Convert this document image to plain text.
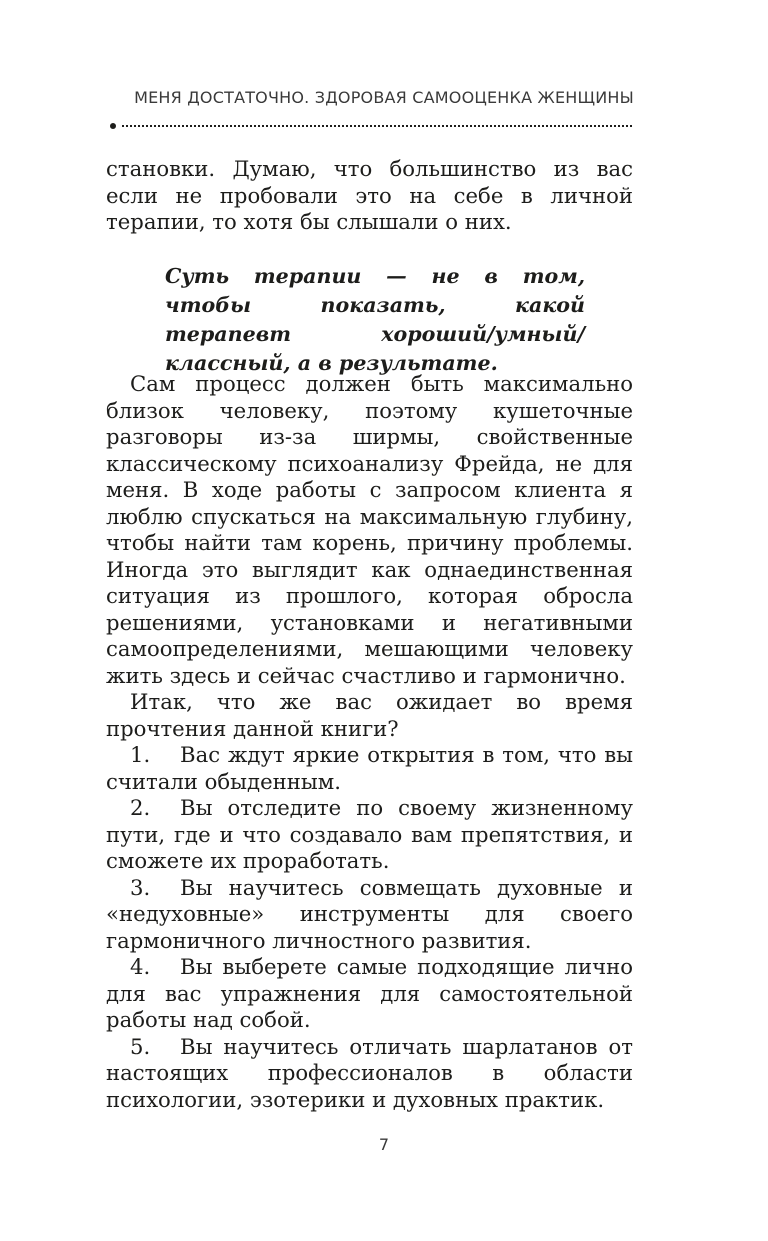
МЕНЯ ДОСТАТОЧНО. ЗДОРОВАЯ САМООЦЕНКА ЖЕНЩИНЫ

становки. Думаю, что большинство из вас если не пробовали это на себе в личной терапии, то хотя бы слышали о них.

Суть терапии — не в том, чтобы показать, какой терапевт хороший/умный/классный, а в результате.

Сам процесс должен быть максимально близок человеку, поэтому кушеточные разговоры из-за ширмы, свойственные классическому психоанализу Фрейда, не для меня. В ходе работы с запросом клиента я люблю спускаться на максимальную глубину, чтобы найти там корень, причину проблемы. Иногда это выглядит как однаединственная ситуация из прошлого, которая обросла решениями, установками и негативными самоопределениями, мешающими человеку жить здесь и сейчас счастливо и гармонично.

Итак, что же вас ожидает во время прочтения данной книги?

1. Вас ждут яркие открытия в том, что вы считали обыденным.

2. Вы отследите по своему жизненному пути, где и что создавало вам препятствия, и сможете их проработать.

3. Вы научитесь совмещать духовные и «недуховные» инструменты для своего гармоничного личностного развития.

4. Вы выберете самые подходящие лично для вас упражнения для самостоятельной работы над собой.

5. Вы научитесь отличать шарлатанов от настоящих профессионалов в области психологии, эзотерики и духовных практик.

7
